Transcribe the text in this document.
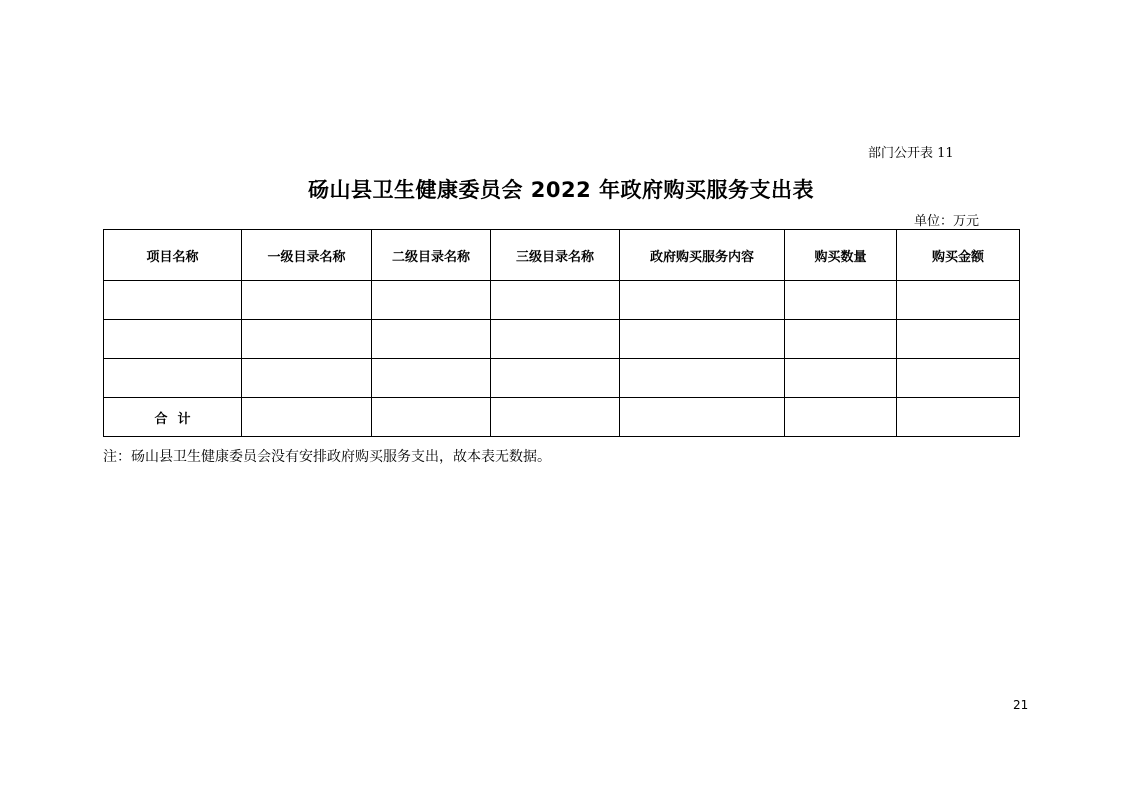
部门公开表 11
砀山县卫生健康委员会 2022 年政府购买服务支出表
单位：万元
项目名称	一级目录名称	二级目录名称	三级目录名称	政府购买服务内容	购买数量	购买金额

合计						
注：砀山县卫生健康委员会没有安排政府购买服务支出，故本表无数据。
21
